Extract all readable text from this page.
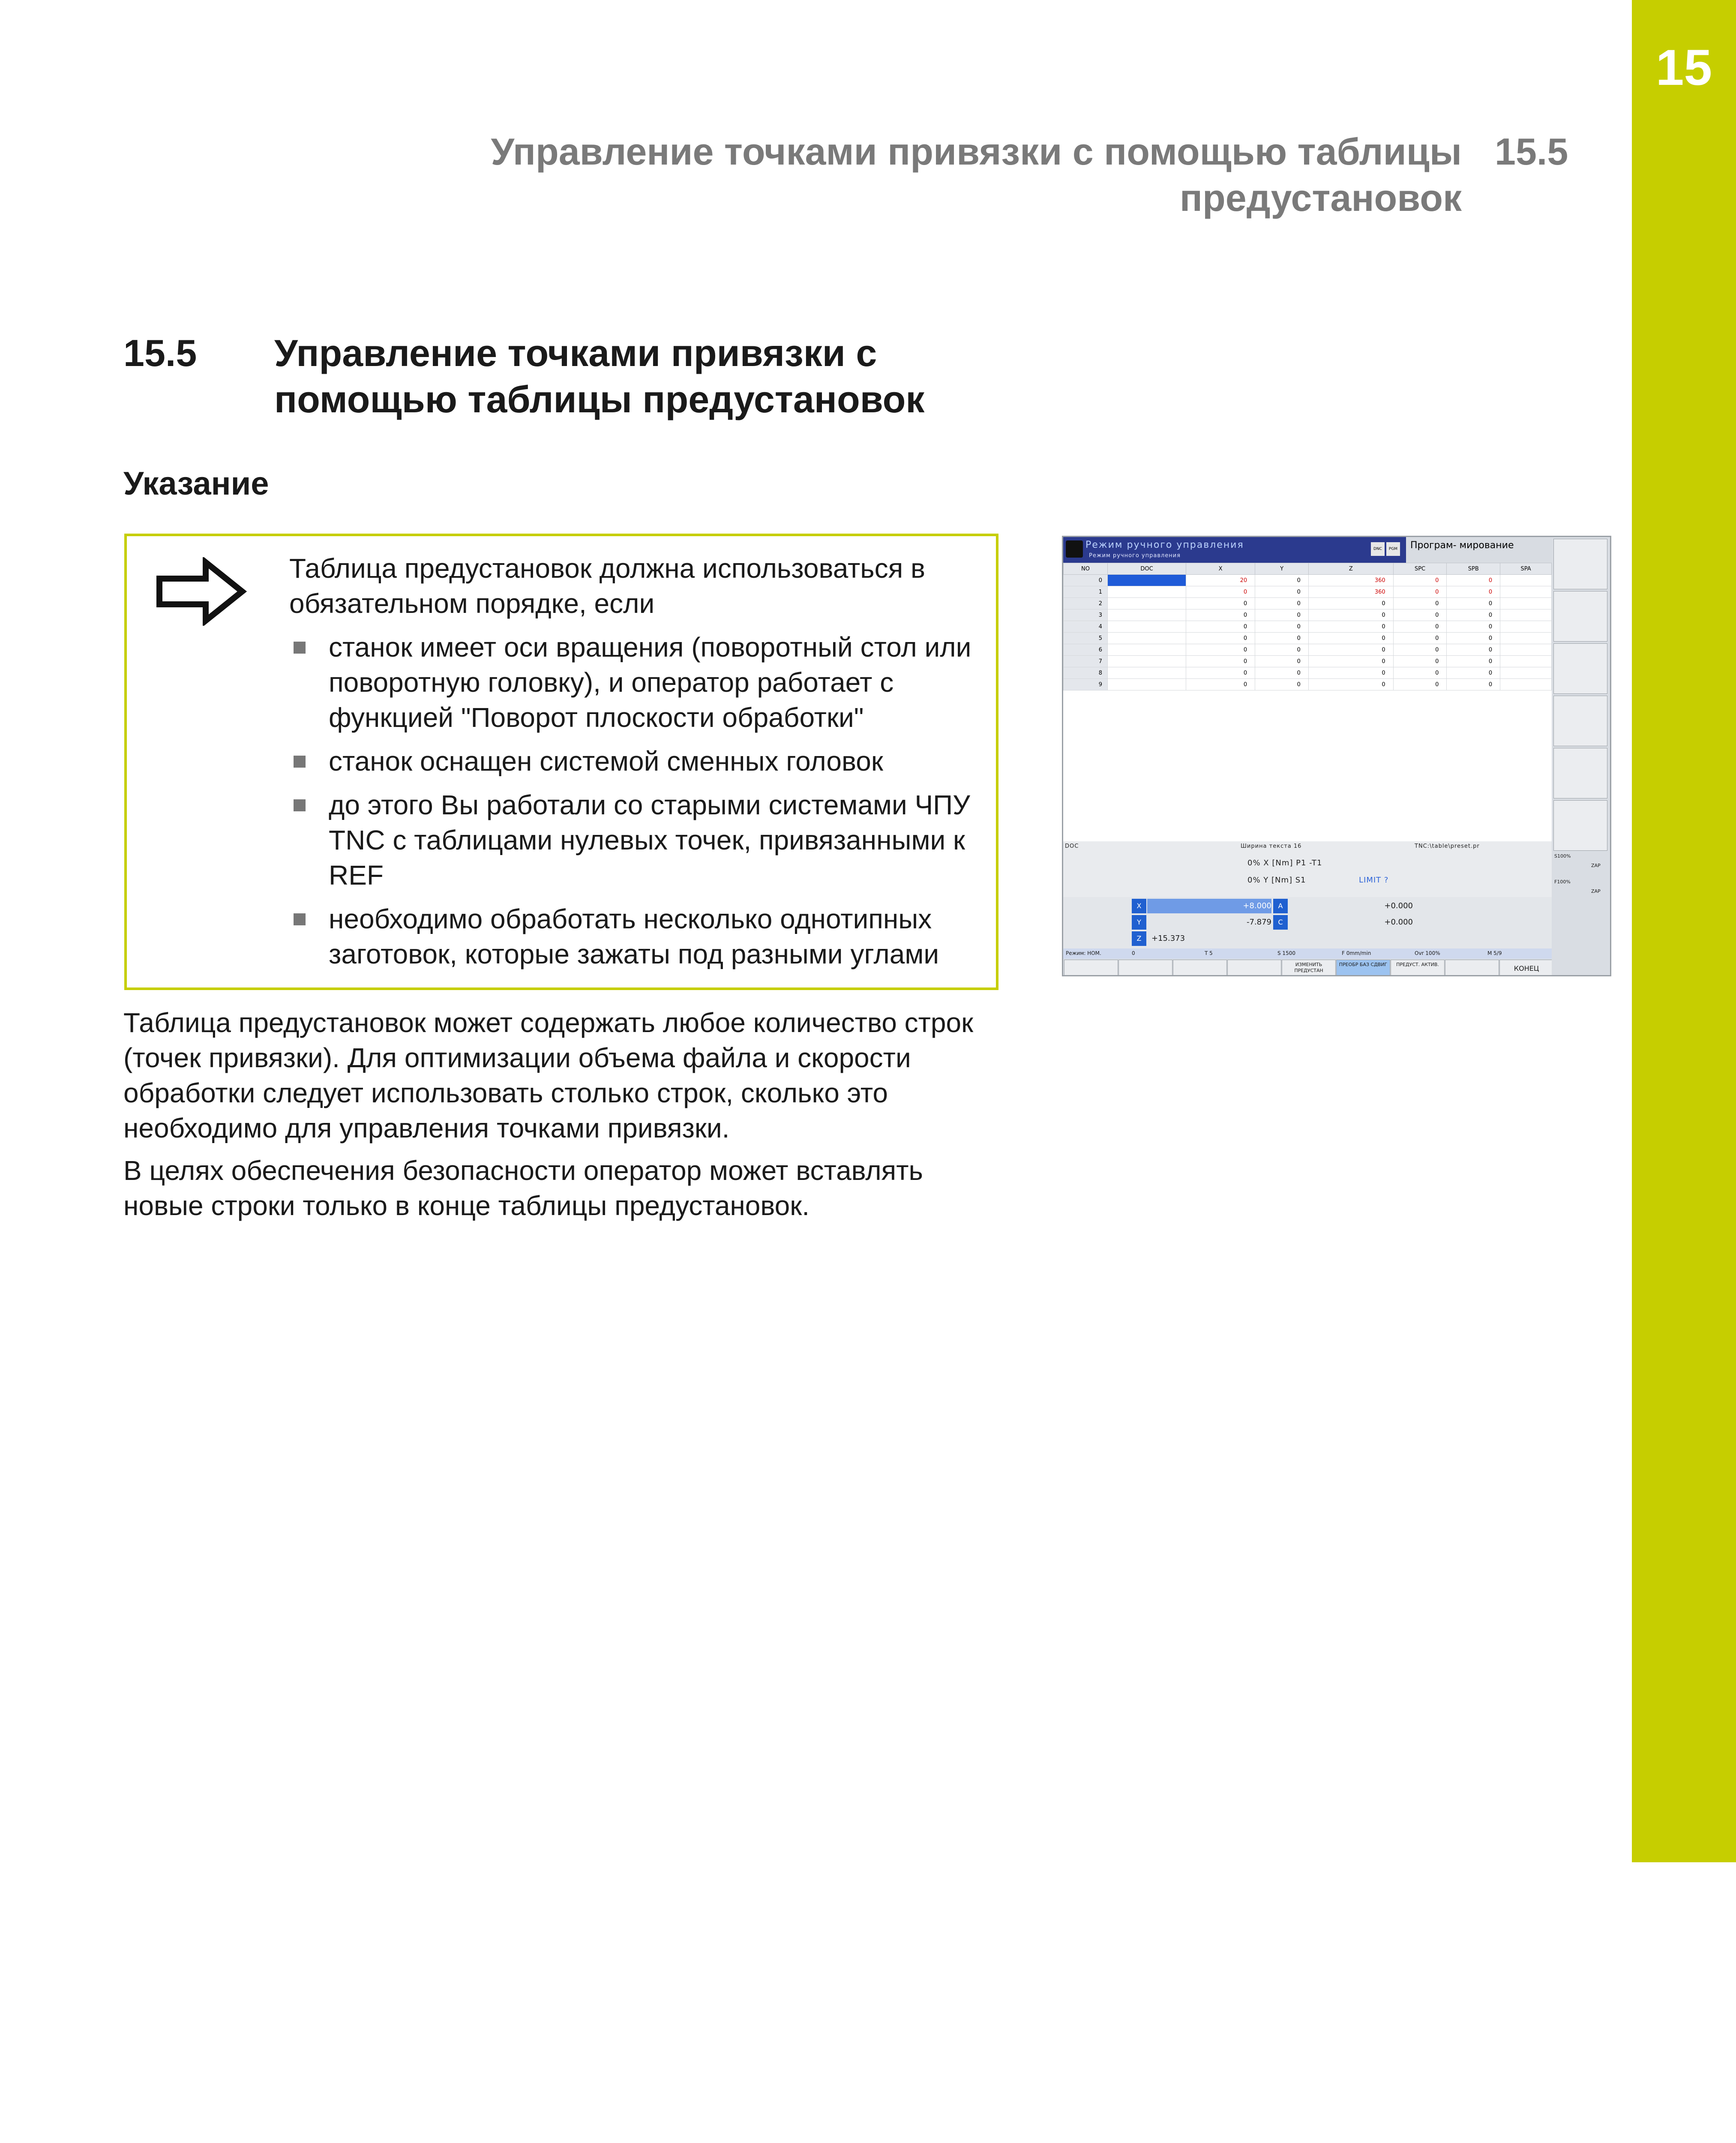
15
Управление точками привязки с помощью таблицы предустановок
15.5
15.5 Управление точками привязки с помощью таблицы предустановок
Указание
Таблица предустановок должна использоваться в обязательном порядке, если
станок имеет оси вращения (поворотный стол или поворотную головку), и оператор работает с функцией "Поворот плоскости обработки"
станок оснащен системой сменных головок
до этого Вы работали со старыми системами ЧПУ TNC с таблицами нулевых точек, привязанными к REF
необходимо обработать несколько однотипных заготовок, которые зажаты под разными углами
Таблица предустановок может содержать любое количество строк (точек привязки). Для оптимизации объема файла и скорости обработки следует использовать столько строк, сколько это необходимо для управления точками привязки.
В целях обеспечения безопасности оператор может вставлять новые строки только в конце таблицы предустановок.
Режим ручного управления
Режим ручного управления
DNC PGM	Програм- мирование
NO	DOC	X	Y	Z	SPC	SPB	SPA
0		20	0	360	0	0	
1		0	0	360	0	0	
2		0	0	0	0	0	
3		0	0	0	0	0	
4		0	0	0	0	0	
5		0	0	0	0	0	
6		0	0	0	0	0	
7		0	0	0	0	0	
8		0	0	0	0	0	
9		0	0	0	0	0	
DOC	Ширина текста 16	TNC:\table\preset.pr
0% X [Nm] P1 -T1
0% Y [Nm] S1	LIMIT ?
X	+8.000 A	+0.000
Y	-7.879 C	+0.000
Z	+15.373
Режим: НОМ.	0	T 5	S 1500	F 0mm/min	Ovr 100%	M 5/9
ИЗМЕНИТЬ ПРЕДУСТАН
ПРЕОБР БАЗ СДВИГ	ПРЕДУСТ. АКТИВ.	КОНЕЦ
S100%
F100%
ZAP
ZAP
